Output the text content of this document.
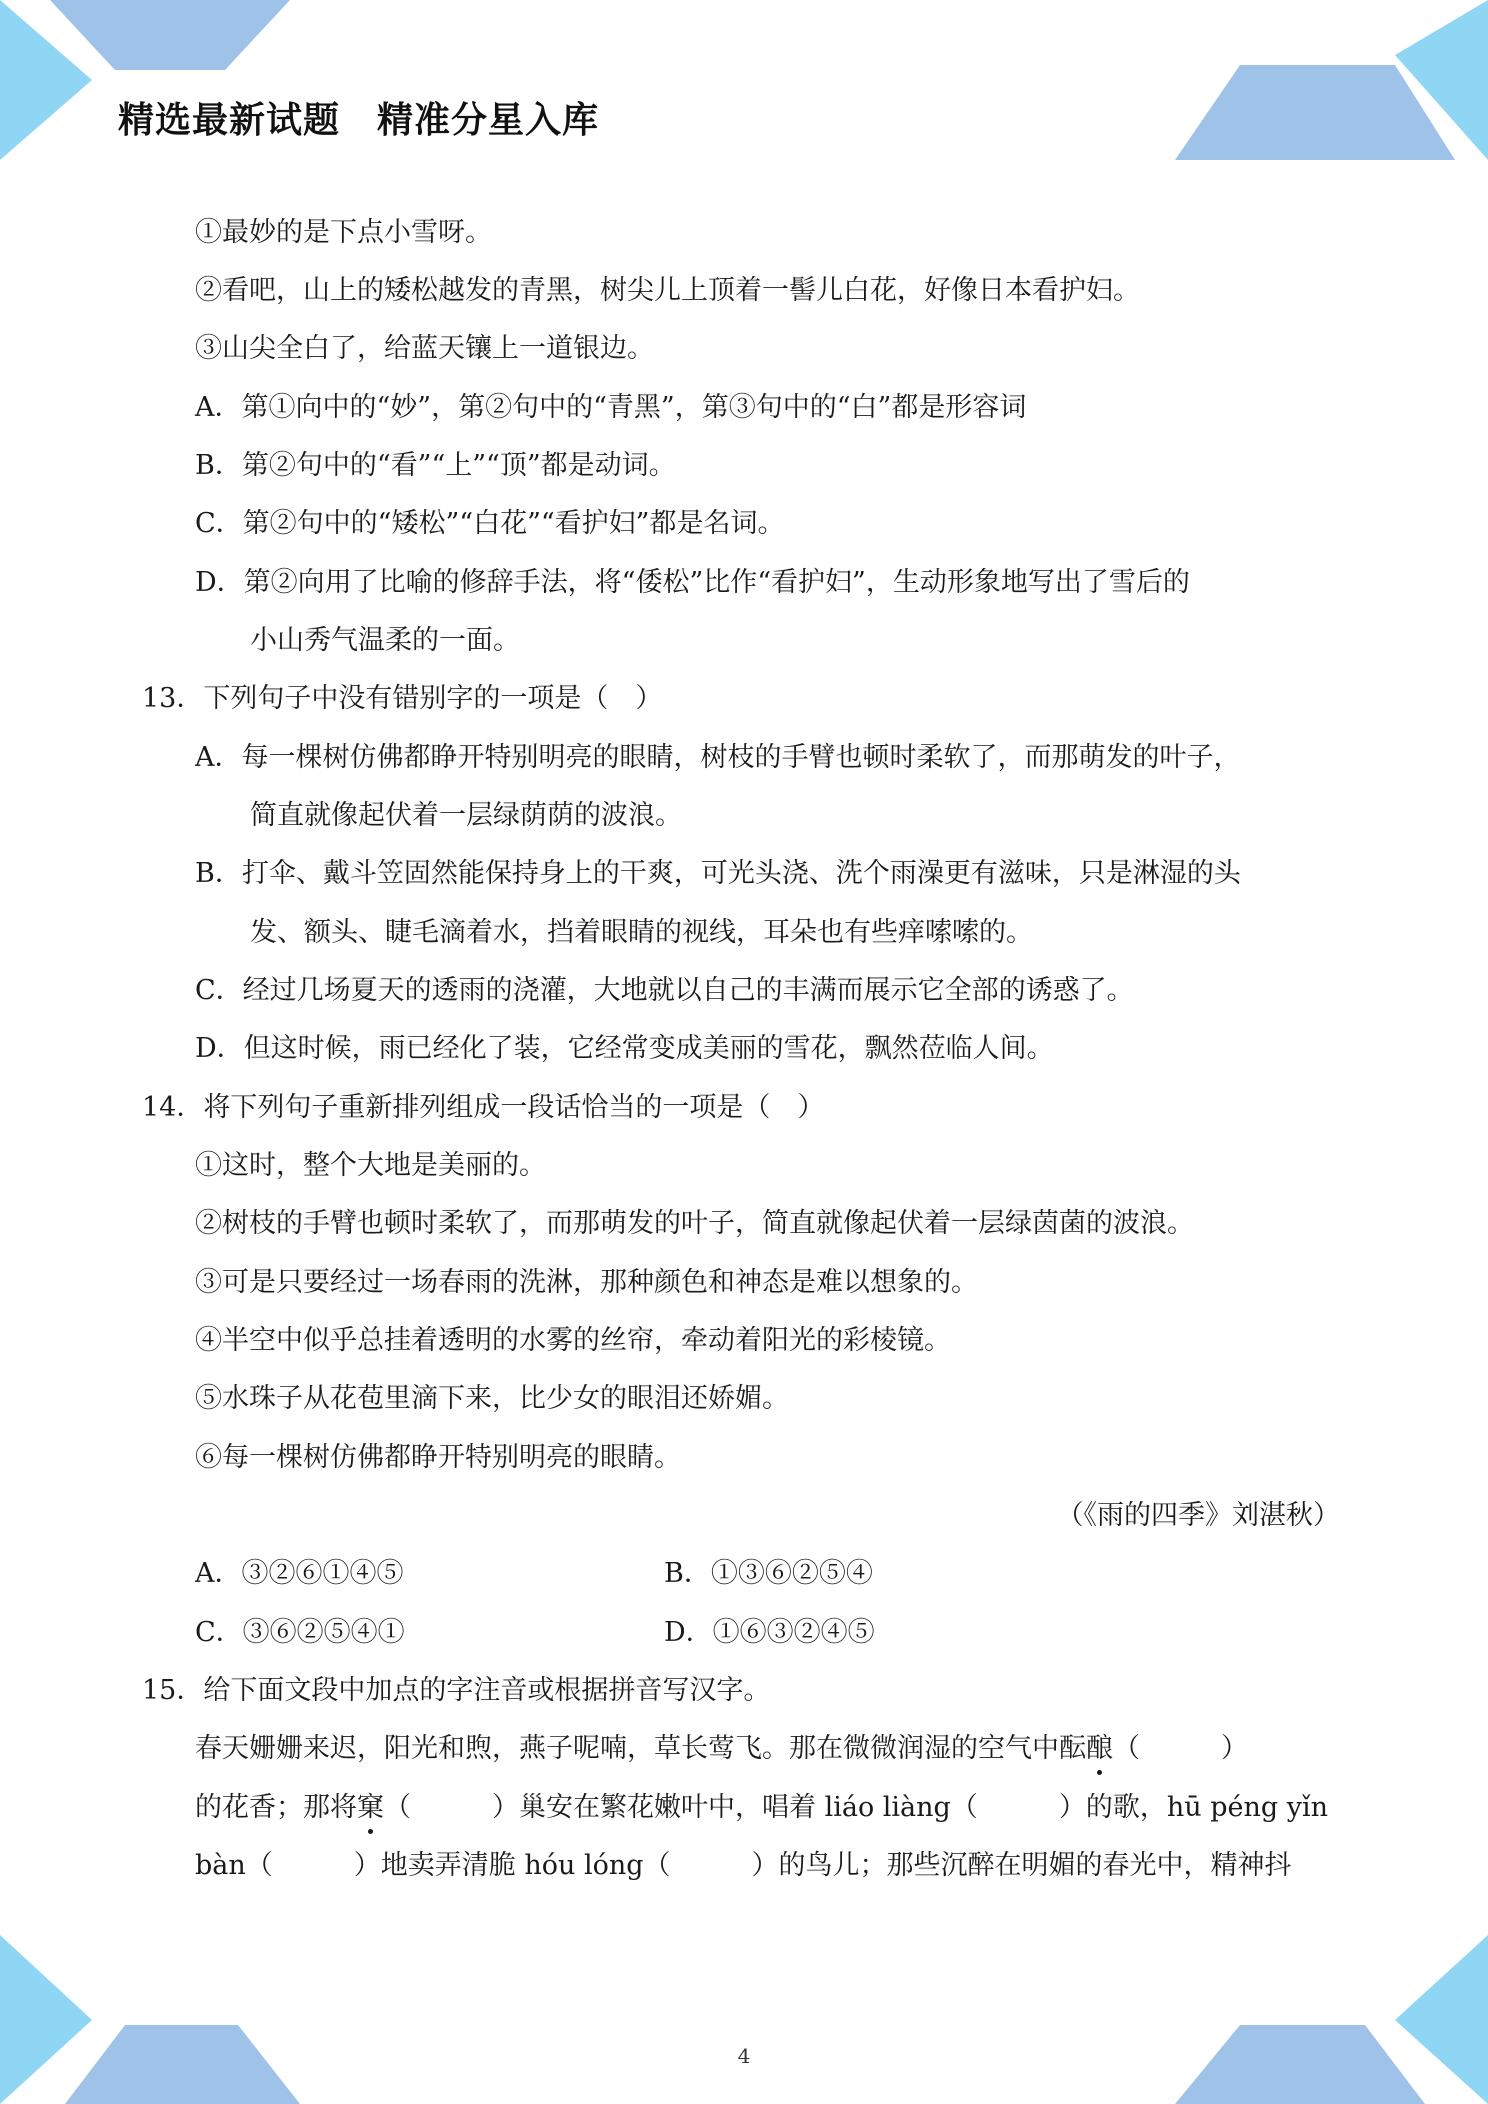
精选最新试题　精准分星入库
①最妙的是下点小雪呀。
②看吧，山上的矮松越发的青黑，树尖儿上顶着一髻儿白花，好像日本看护妇。
③山尖全白了，给蓝天镶上一道银边。
A．第①向中的“妙”，第②句中的“青黑”，第③句中的“白”都是形容词
B．第②句中的“看”“上”“顶”都是动词。
C．第②句中的“矮松”“白花”“看护妇”都是名词。
D．第②向用了比喻的修辞手法，将“倭松”比作“看护妇”，生动形象地写出了雪后的
小山秀气温柔的一面。
13．下列句子中没有错别字的一项是（　）
A．每一棵树仿佛都睁开特别明亮的眼睛，树枝的手臂也顿时柔软了，而那萌发的叶子，
简直就像起伏着一层绿荫荫的波浪。
B．打伞、戴斗笠固然能保持身上的干爽，可光头浇、洗个雨澡更有滋味，只是淋湿的头
发、额头、睫毛滴着水，挡着眼睛的视线，耳朵也有些痒嗦嗦的。
C．经过几场夏天的透雨的浇灌，大地就以自己的丰满而展示它全部的诱惑了。
D．但这时候，雨已经化了装，它经常变成美丽的雪花，飘然莅临人间。
14．将下列句子重新排列组成一段话恰当的一项是（　）
①这时，整个大地是美丽的。
②树枝的手臂也顿时柔软了，而那萌发的叶子，简直就像起伏着一层绿茵菌的波浪。
③可是只要经过一场春雨的洗淋，那种颜色和神态是难以想象的。
④半空中似乎总挂着透明的水雾的丝帘，牵动着阳光的彩棱镜。
⑤水珠子从花苞里滴下来，比少女的眼泪还娇媚。
⑥每一棵树仿佛都睁开特别明亮的眼睛。
（《雨的四季》刘湛秋）
A．③②⑥①④⑤	B．①③⑥②⑤④
C．③⑥②⑤④①	D．①⑥③②④⑤
15．给下面文段中加点的字注音或根据拼音写汉字。
春天姗姗来迟，阳光和煦，燕子呢喃，草长莺飞。那在微微润湿的空气中酝酿（　　　）
的花香；那将窠（　　　）巢安在繁花嫩叶中，唱着 liáo liàng（　　　）的歌，hū péng yǐn
bàn（　　　）地卖弄清脆 hóu lóng（　　　）的鸟儿；那些沉醉在明媚的春光中，精神抖
4
